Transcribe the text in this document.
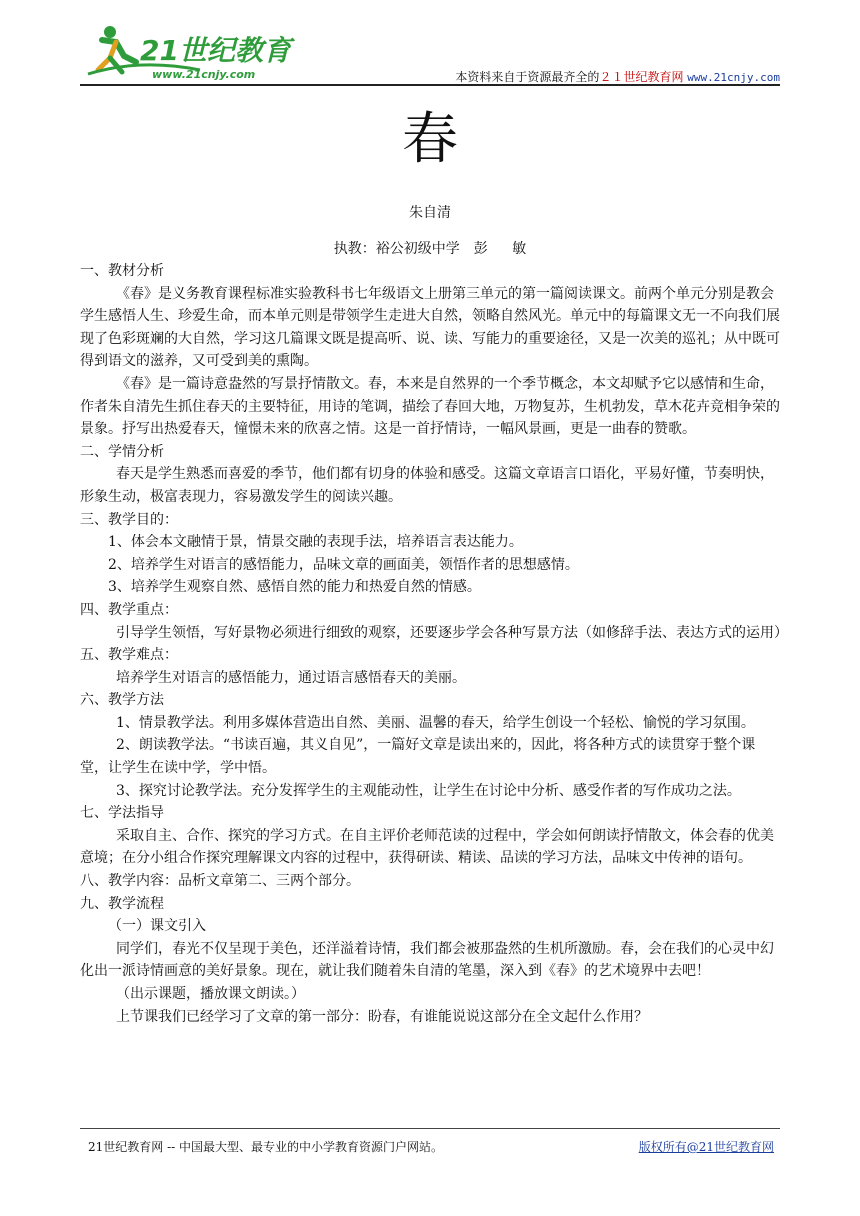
21世纪教育
www.21cnjy.com	本资料来自于资源最齐全的２１世纪教育网 www.21cnjy.com
春
朱自清
执教：裕公初级中学　彭　 敏

一、教材分析

《春》是义务教育课程标准实验教科书七年级语文上册第三单元的第一篇阅读课文。前两个单元分别是教会学生感悟人生、珍爱生命，而本单元则是带领学生走进大自然，领略自然风光。单元中的每篇课文无一不向我们展现了色彩斑斓的大自然，学习这几篇课文既是提高听、说、读、写能力的重要途径，又是一次美的巡礼；从中既可得到语文的滋养，又可受到美的熏陶。

《春》是一篇诗意盎然的写景抒情散文。春，本来是自然界的一个季节概念，本文却赋予它以感情和生命，作者朱自清先生抓住春天的主要特征，用诗的笔调，描绘了春回大地，万物复苏，生机勃发，草木花卉竞相争荣的景象。抒写出热爱春天，憧憬未来的欣喜之情。这是一首抒情诗，一幅风景画，更是一曲春的赞歌。

二、学情分析

春天是学生熟悉而喜爱的季节，他们都有切身的体验和感受。这篇文章语言口语化，平易好懂，节奏明快，形象生动，极富表现力，容易激发学生的阅读兴趣。

三、教学目的：

1、体会本文融情于景，情景交融的表现手法，培养语言表达能力。

2、培养学生对语言的感悟能力，品味文章的画面美，领悟作者的思想感情。

3、培养学生观察自然、感悟自然的能力和热爱自然的情感。

四、教学重点：

引导学生领悟，写好景物必须进行细致的观察，还要逐步学会各种写景方法（如修辞手法、表达方式的运用）

五、教学难点：

培养学生对语言的感悟能力，通过语言感悟春天的美丽。

六、教学方法

1、情景教学法。利用多媒体营造出自然、美丽、温馨的春天，给学生创设一个轻松、愉悦的学习氛围。

2、朗读教学法。“书读百遍，其义自见”，一篇好文章是读出来的，因此，将各种方式的读贯穿于整个课堂，让学生在读中学，学中悟。

3、探究讨论教学法。充分发挥学生的主观能动性，让学生在讨论中分析、感受作者的写作成功之法。

七、学法指导

采取自主、合作、探究的学习方式。在自主评价老师范读的过程中，学会如何朗读抒情散文，体会春的优美意境；在分小组合作探究理解课文内容的过程中，获得研读、精读、品读的学习方法，品味文中传神的语句。

八、教学内容：品析文章第二、三两个部分。

九、教学流程

（一）课文引入

同学们，春光不仅呈现于美色，还洋溢着诗情，我们都会被那盎然的生机所激励。春，会在我们的心灵中幻化出一派诗情画意的美好景象。现在，就让我们随着朱自清的笔墨，深入到《春》的艺术境界中去吧！

（出示课题，播放课文朗读。）

上节课我们已经学习了文章的第一部分：盼春，有谁能说说这部分在全文起什么作用？

21世纪教育网 -- 中国最大型、最专业的中小学教育资源门户网站。	版权所有@21世纪教育网
